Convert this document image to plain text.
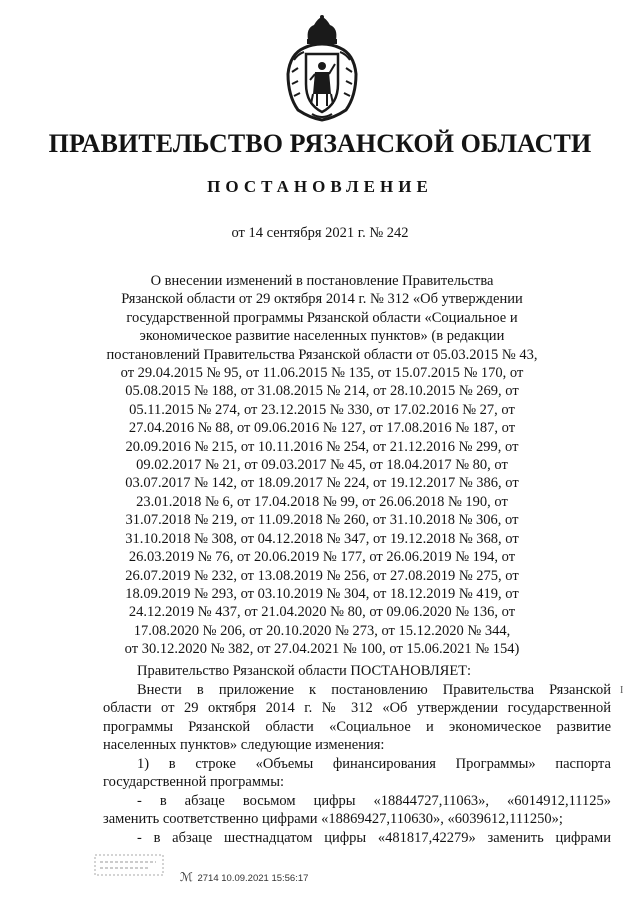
ПРАВИТЕЛЬСТВО РЯЗАНСКОЙ ОБЛАСТИ
ПОСТАНОВЛЕНИЕ
от 14 сентября 2021 г. № 242
О внесении изменений в постановление Правительства
Рязанской области от 29 октября 2014 г. № 312 «Об утверждении
государственной программы Рязанской области «Социальное и
экономическое развитие населенных пунктов» (в редакции
постановлений Правительства Рязанской области от 05.03.2015 № 43,
от 29.04.2015 № 95, от 11.06.2015 № 135, от 15.07.2015 № 170, от
05.08.2015 № 188, от 31.08.2015 № 214, от 28.10.2015 № 269, от
05.11.2015 № 274, от 23.12.2015 № 330, от 17.02.2016 № 27, от
27.04.2016 № 88, от 09.06.2016 № 127, от 17.08.2016 № 187, от
20.09.2016 № 215, от 10.11.2016 № 254, от 21.12.2016 № 299, от
09.02.2017 № 21, от 09.03.2017 № 45, от 18.04.2017 № 80, от
03.07.2017 № 142, от 18.09.2017 № 224, от 19.12.2017 № 386, от
23.01.2018 № 6, от 17.04.2018 № 99, от 26.06.2018 № 190, от
31.07.2018 № 219, от 11.09.2018 № 260, от 31.10.2018 № 306, от
31.10.2018 № 308, от 04.12.2018 № 347, от 19.12.2018 № 368, от
26.03.2019 № 76, от 20.06.2019 № 177, от 26.06.2019 № 194, от
26.07.2019 № 232, от 13.08.2019 № 256, от 27.08.2019 № 275, от
18.09.2019 № 293, от 03.10.2019 № 304, от 18.12.2019 № 419, от
24.12.2019 № 437, от 21.04.2020 № 80, от 09.06.2020 № 136, от
17.08.2020 № 206, от 20.10.2020 № 273, от 15.12.2020 № 344,
от 30.12.2020 № 382, от 27.04.2021 № 100, от 15.06.2021 № 154)
Правительство Рязанской области ПОСТАНОВЛЯЕТ:
Внести в приложение к постановлению Правительства Рязанской
области от 29 октября 2014 г. № 312 «Об утверждении государственной
программы Рязанской области «Социальное и экономическое развитие
населенных пунктов» следующие изменения:
1) в строке «Объемы финансирования Программы» паспорта
государственной программы:
- в абзаце восьмом цифры «18844727,11063», «6014912,11125»
заменить соответственно цифрами «18869427,110630», «6039612,111250»;
- в абзаце шестнадцатом цифры «481817,42279» заменить цифрами
I
ℳ 2714 10.09.2021 15:56:17
